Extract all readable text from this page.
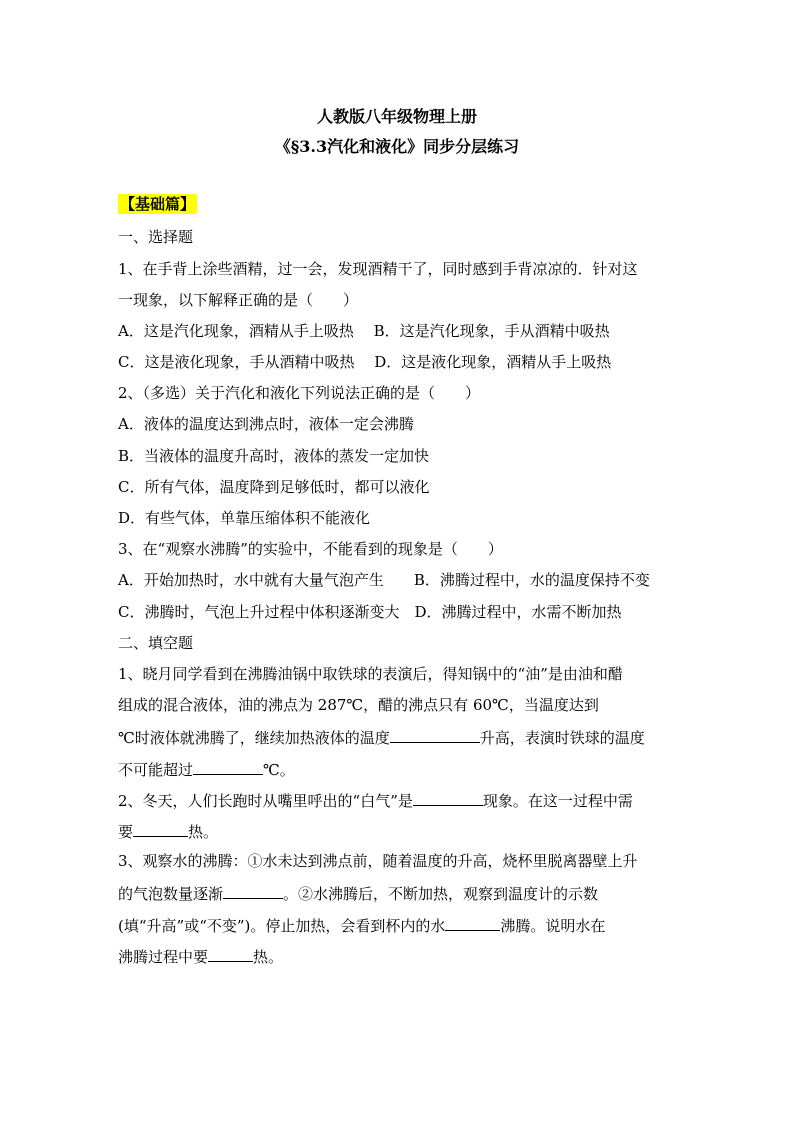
人教版八年级物理上册
《§3.3汽化和液化》同步分层练习
【基础篇】
一、选择题
1、在手背上涂些酒精，过一会，发现酒精干了，同时感到手背凉凉的．针对这
一现象，以下解释正确的是（　　）
A．这是汽化现象，酒精从手上吸热　 B．这是汽化现象，手从酒精中吸热
C．这是液化现象，手从酒精中吸热　 D．这是液化现象，酒精从手上吸热
2、（多选）关于汽化和液化下列说法正确的是（　　）
A．液体的温度达到沸点时，液体一定会沸腾
B．当液体的温度升高时，液体的蒸发一定加快
C．所有气体，温度降到足够低时，都可以液化
D．有些气体，单靠压缩体积不能液化
3、在“观察水沸腾”的实验中，不能看到的现象是（　　）
A．开始加热时，水中就有大量气泡产生　　B．沸腾过程中，水的温度保持不变
C．沸腾时，气泡上升过程中体积逐渐变大　D．沸腾过程中，水需不断加热
二、填空题
1、晓月同学看到在沸腾油锅中取铁球的表演后，得知锅中的“油”是由油和醋
组成的混合液体，油的沸点为 287℃，醋的沸点只有 60℃，当温度达到
℃时液体就沸腾了，继续加热液体的温度	升高，表演时铁球的温度
不可能超过	℃。
2、冬天，人们长跑时从嘴里呼出的“白气”是	现象。在这一过程中需
要	热。
3、观察水的沸腾：①水未达到沸点前，随着温度的升高，烧杯里脱离器壁上升
的气泡数量逐渐	。②水沸腾后，不断加热，观察到温度计的示数
(填“升高”或“不变”)。停止加热，会看到杯内的水	沸腾。说明水在
沸腾过程中要	热。
